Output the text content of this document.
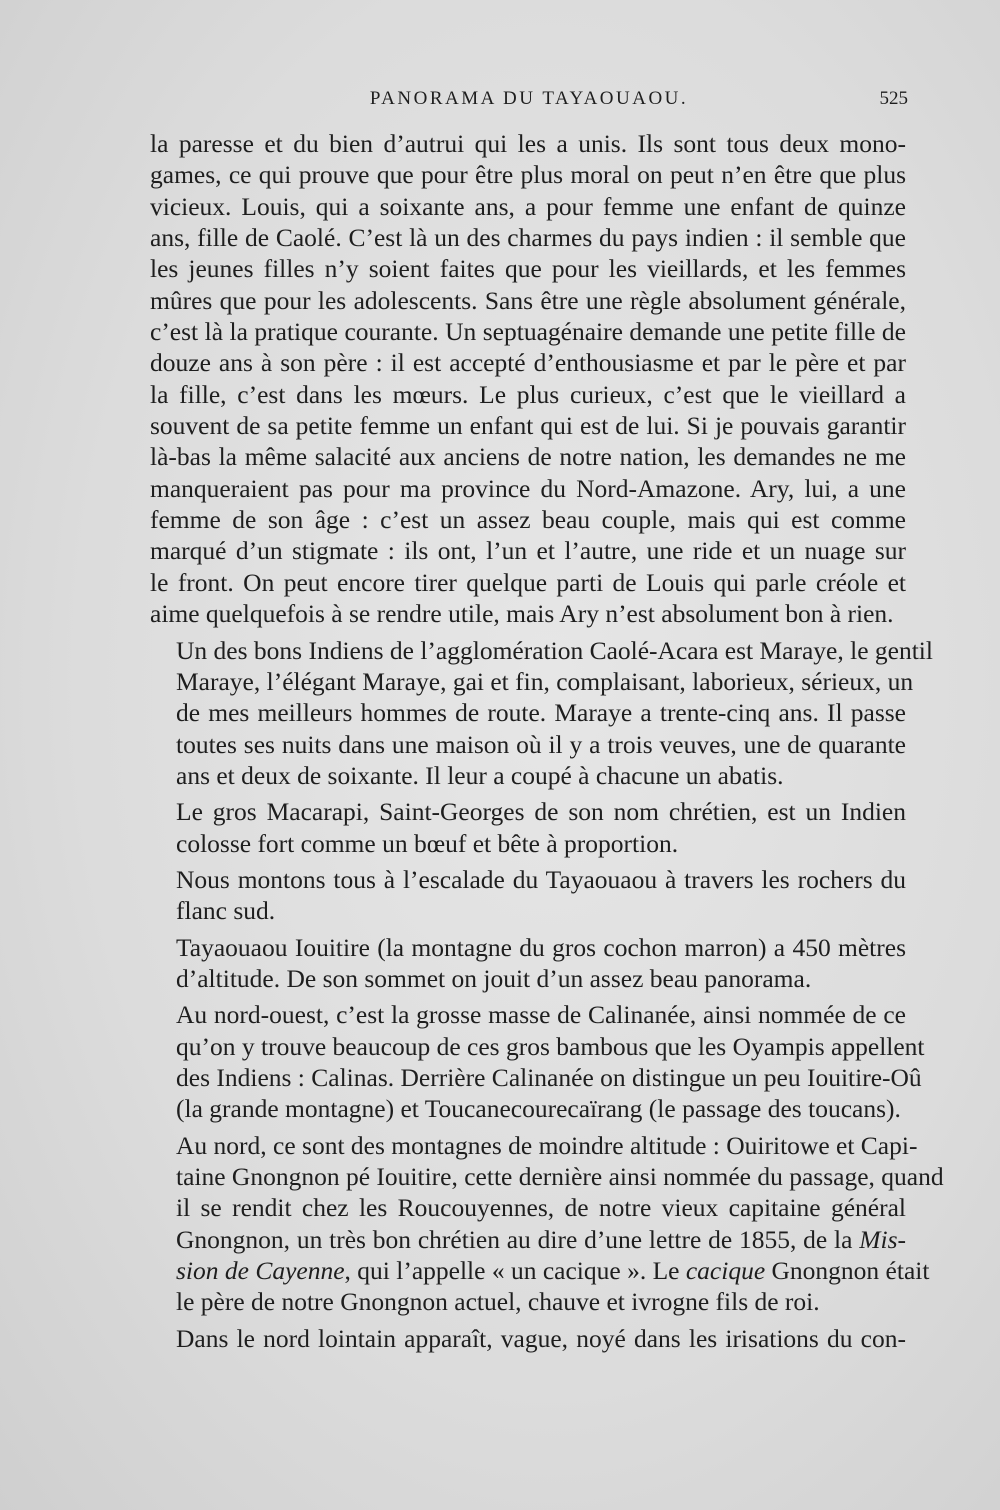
PANORAMA DU TAYAOUAOU.	525

la paresse et du bien d’autrui qui les a unis. Ils sont tous deux mono-
games, ce qui prouve que pour être plus moral on peut n’en être que plus
vicieux. Louis, qui a soixante ans, a pour femme une enfant de quinze
ans, fille de Caolé. C’est là un des charmes du pays indien : il semble que
les jeunes filles n’y soient faites que pour les vieillards, et les femmes
mûres que pour les adolescents. Sans être une règle absolument générale,
c’est là la pratique courante. Un septuagénaire demande une petite fille de
douze ans à son père : il est accepté d’enthousiasme et par le père et par
la fille, c’est dans les mœurs. Le plus curieux, c’est que le vieillard a
souvent de sa petite femme un enfant qui est de lui. Si je pouvais garantir
là-bas la même salacité aux anciens de notre nation, les demandes ne me
manqueraient pas pour ma province du Nord-Amazone. Ary, lui, a une
femme de son âge : c’est un assez beau couple, mais qui est comme
marqué d’un stigmate : ils ont, l’un et l’autre, une ride et un nuage sur
le front. On peut encore tirer quelque parti de Louis qui parle créole et
aime quelquefois à se rendre utile, mais Ary n’est absolument bon à rien.

Un des bons Indiens de l’agglomération Caolé-Acara est Maraye, le gentil
Maraye, l’élégant Maraye, gai et fin, complaisant, laborieux, sérieux, un
de mes meilleurs hommes de route. Maraye a trente-cinq ans. Il passe
toutes ses nuits dans une maison où il y a trois veuves, une de quarante
ans et deux de soixante. Il leur a coupé à chacune un abatis.

Le gros Macarapi, Saint-Georges de son nom chrétien, est un Indien
colosse fort comme un bœuf et bête à proportion.

Nous montons tous à l’escalade du Tayaouaou à travers les rochers du
flanc sud.

Tayaouaou Iouitire (la montagne du gros cochon marron) a 450 mètres
d’altitude. De son sommet on jouit d’un assez beau panorama.

Au nord-ouest, c’est la grosse masse de Calinanée, ainsi nommée de ce
qu’on y trouve beaucoup de ces gros bambous que les Oyampis appellent
des Indiens : Calinas. Derrière Calinanée on distingue un peu Iouitire-Oû
(la grande montagne) et Toucanecourecaïrang (le passage des toucans).

Au nord, ce sont des montagnes de moindre altitude : Ouiritowe et Capi-
taine Gnongnon pé Iouitire, cette dernière ainsi nommée du passage, quand
il se rendit chez les Roucouyennes, de notre vieux capitaine général
Gnongnon, un très bon chrétien au dire d’une lettre de 1855, de la Mis-
sion de Cayenne, qui l’appelle « un cacique ». Le cacique Gnongnon était
le père de notre Gnongnon actuel, chauve et ivrogne fils de roi.

Dans le nord lointain apparaît, vague, noyé dans les irisations du con-
